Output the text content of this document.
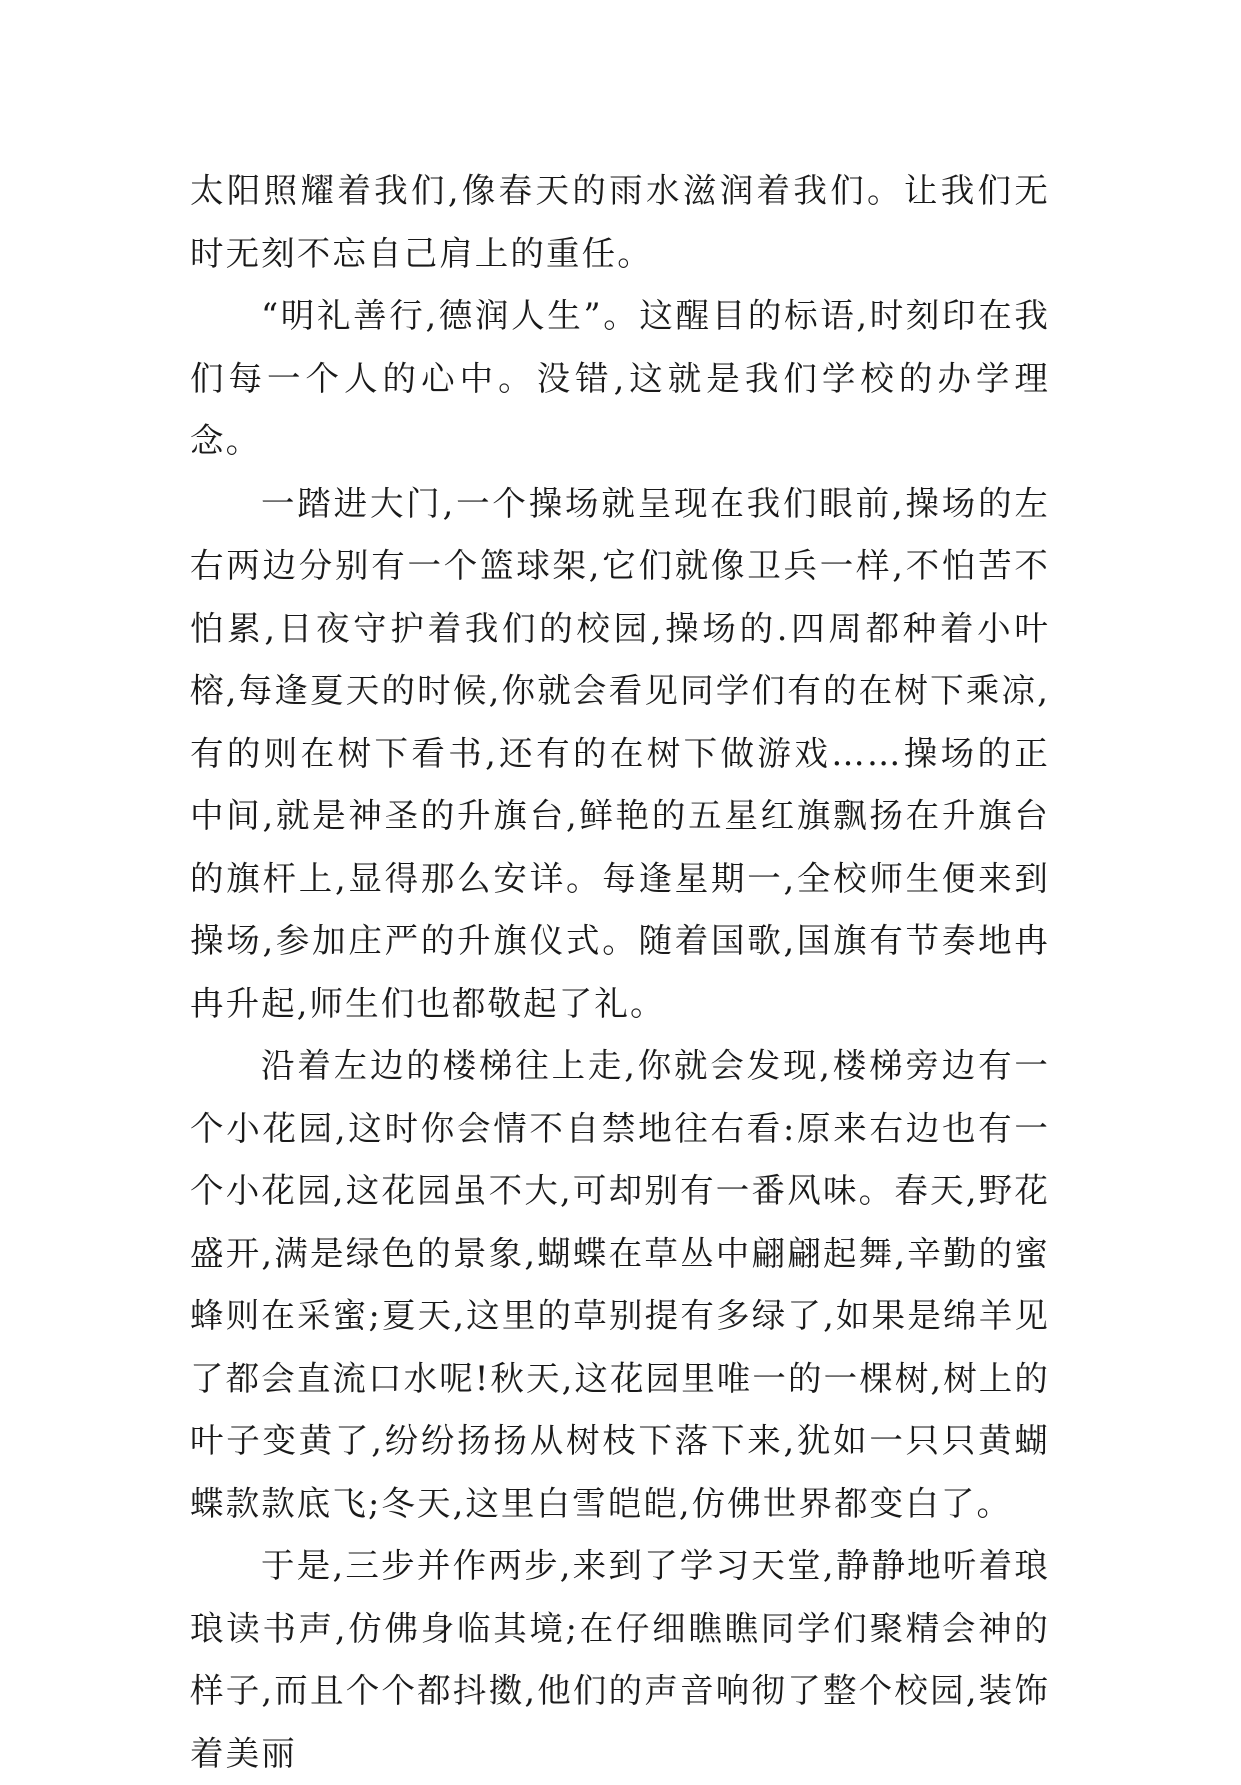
太阳照耀着我们,像春天的雨水滋润着我们。让我们无时无刻不忘自己肩上的重任。

“明礼善行,德润人生”。这醒目的标语,时刻印在我们每一个人的心中。没错,这就是我们学校的办学理念。

一踏进大门,一个操场就呈现在我们眼前,操场的左右两边分别有一个篮球架,它们就像卫兵一样,不怕苦不怕累,日夜守护着我们的校园,操场的.四周都种着小叶榕,每逢夏天的时候,你就会看见同学们有的在树下乘凉,有的则在树下看书,还有的在树下做游戏……操场的正中间,就是神圣的升旗台,鲜艳的五星红旗飘扬在升旗台的旗杆上,显得那么安详。每逢星期一,全校师生便来到操场,参加庄严的升旗仪式。随着国歌,国旗有节奏地冉冉升起,师生们也都敬起了礼。

沿着左边的楼梯往上走,你就会发现,楼梯旁边有一个小花园,这时你会情不自禁地往右看:原来右边也有一个小花园,这花园虽不大,可却别有一番风味。春天,野花盛开,满是绿色的景象,蝴蝶在草丛中翩翩起舞,辛勤的蜜蜂则在采蜜;夏天,这里的草别提有多绿了,如果是绵羊见了都会直流口水呢!秋天,这花园里唯一的一棵树,树上的叶子变黄了,纷纷扬扬从树枝下落下来,犹如一只只黄蝴蝶款款底飞;冬天,这里白雪皑皑,仿佛世界都变白了。

于是,三步并作两步,来到了学习天堂,静静地听着琅琅读书声,仿佛身临其境;在仔细瞧瞧同学们聚精会神的样子,而且个个都抖擞,他们的声音响彻了整个校园,装饰着美丽
